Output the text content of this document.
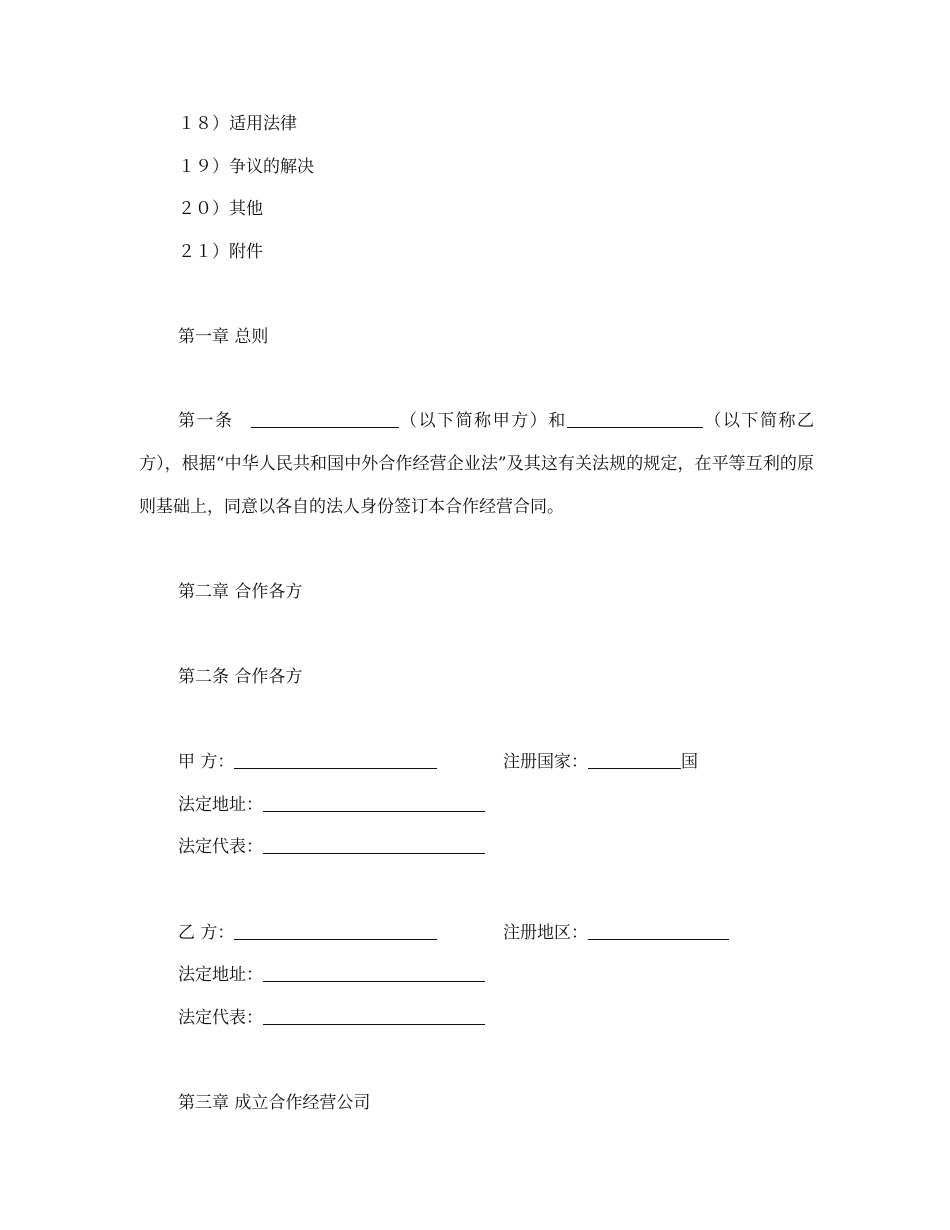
１８）适用法律
１９）争议的解决
２０）其他
２１）附件
第一章 总则
第一条	（以下简称甲方）和	（以下简称乙方），根据“中华人民共和国中外合作经营企业法”及其这有关法规的规定，在平等互利的原则基础上，同意以各自的法人身份签订本合作经营合同。
第二章 合作各方
第二条 合作各方
甲 方：	注册国家：	国
法定地址：
法定代表：
乙 方：	注册地区：
法定地址：
法定代表：
第三章 成立合作经营公司
